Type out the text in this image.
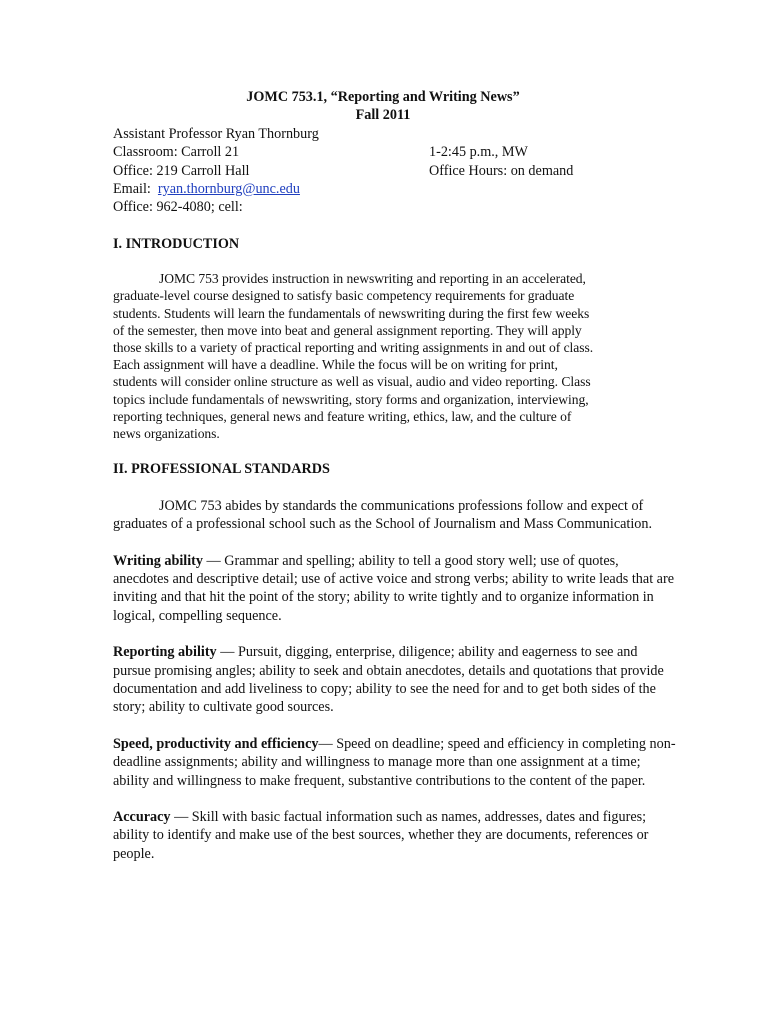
JOMC 753.1, “Reporting and Writing News”
Fall 2011
Assistant Professor Ryan Thornburg
Classroom: Carroll 21	1-2:45 p.m., MW
Office: 219 Carroll Hall	Office Hours: on demand
Email: ryan.thornburg@unc.edu
Office: 962-4080; cell:
I. INTRODUCTION
JOMC 753 provides instruction in newswriting and reporting in an accelerated,
graduate-level course designed to satisfy basic competency requirements for graduate
students. Students will learn the fundamentals of newswriting during the first few weeks
of the semester, then move into beat and general assignment reporting. They will apply
those skills to a variety of practical reporting and writing assignments in and out of class.
Each assignment will have a deadline. While the focus will be on writing for print,
students will consider online structure as well as visual, audio and video reporting. Class
topics include fundamentals of newswriting, story forms and organization, interviewing,
reporting techniques, general news and feature writing, ethics, law, and the culture of
news organizations.
II. PROFESSIONAL STANDARDS
JOMC 753 abides by standards the communications professions follow and expect of
graduates of a professional school such as the School of Journalism and Mass Communication.
Writing ability — Grammar and spelling; ability to tell a good story well; use of quotes,
anecdotes and descriptive detail; use of active voice and strong verbs; ability to write leads that are
inviting and that hit the point of the story; ability to write tightly and to organize information in
logical, compelling sequence.
Reporting ability — Pursuit, digging, enterprise, diligence; ability and eagerness to see and
pursue promising angles; ability to seek and obtain anecdotes, details and quotations that provide
documentation and add liveliness to copy; ability to see the need for and to get both sides of the
story; ability to cultivate good sources.
Speed, productivity and efficiency— Speed on deadline; speed and efficiency in completing non-
deadline assignments; ability and willingness to manage more than one assignment at a time;
ability and willingness to make frequent, substantive contributions to the content of the paper.
Accuracy — Skill with basic factual information such as names, addresses, dates and figures;
ability to identify and make use of the best sources, whether they are documents, references or
people.
